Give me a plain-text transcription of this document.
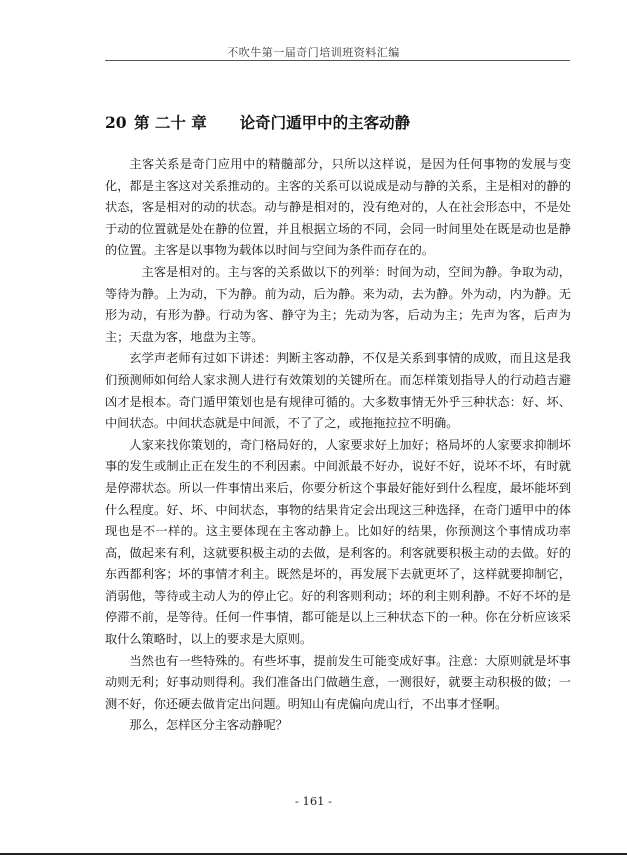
不吹牛第一届奇门培训班资料汇编
20 第 二十 章 论奇门遁甲中的主客动静

主客关系是奇门应用中的精髓部分，只所以这样说，是因为任何事物的发展与变化，都是主客这对关系推动的。主客的关系可以说成是动与静的关系，主是相对的静的状态，客是相对的动的状态。动与静是相对的，没有绝对的，人在社会形态中，不是处于动的位置就是处在静的位置，并且根据立场的不同，会同一时间里处在既是动也是静的位置。主客是以事物为载体以时间与空间为条件而存在的。

主客是相对的。主与客的关系做以下的列举：时间为动，空间为静。争取为动，等待为静。上为动，下为静。前为动，后为静。来为动，去为静。外为动，内为静。无形为动，有形为静。行动为客、静守为主；先动为客，后动为主；先声为客，后声为主；天盘为客，地盘为主等。

玄学声老师有过如下讲述：判断主客动静，不仅是关系到事情的成败，而且这是我们预测师如何给人家求测人进行有效策划的关键所在。而怎样策划指导人的行动趋吉避凶才是根本。奇门遁甲策划也是有规律可循的。大多数事情无外乎三种状态：好、坏、中间状态。中间状态就是中间派，不了了之，或拖拖拉拉不明确。

人家来找你策划的，奇门格局好的，人家要求好上加好；格局坏的人家要求抑制坏事的发生或制止正在发生的不利因素。中间派最不好办，说好不好，说坏不坏，有时就是停滞状态。所以一件事情出来后，你要分析这个事最好能好到什么程度，最坏能坏到什么程度。好、坏、中间状态，事物的结果肯定会出现这三种选择，在奇门遁甲中的体现也是不一样的。这主要体现在主客动静上。比如好的结果，你预测这个事情成功率高，做起来有利，这就要积极主动的去做，是利客的。利客就要积极主动的去做。好的东西都利客；坏的事情才利主。既然是坏的，再发展下去就更坏了，这样就要抑制它，消弱他，等待或主动人为的停止它。好的利客则利动；坏的利主则利静。不好不坏的是停滞不前，是等待。任何一件事情，都可能是以上三种状态下的一种。你在分析应该采取什么策略时，以上的要求是大原则。

当然也有一些特殊的。有些坏事，提前发生可能变成好事。注意：大原则就是坏事动则无利；好事动则得利。我们准备出门做趟生意，一测很好，就要主动积极的做；一测不好，你还硬去做肯定出问题。明知山有虎偏向虎山行，不出事才怪啊。

那么，怎样区分主客动静呢？

- 161 -
